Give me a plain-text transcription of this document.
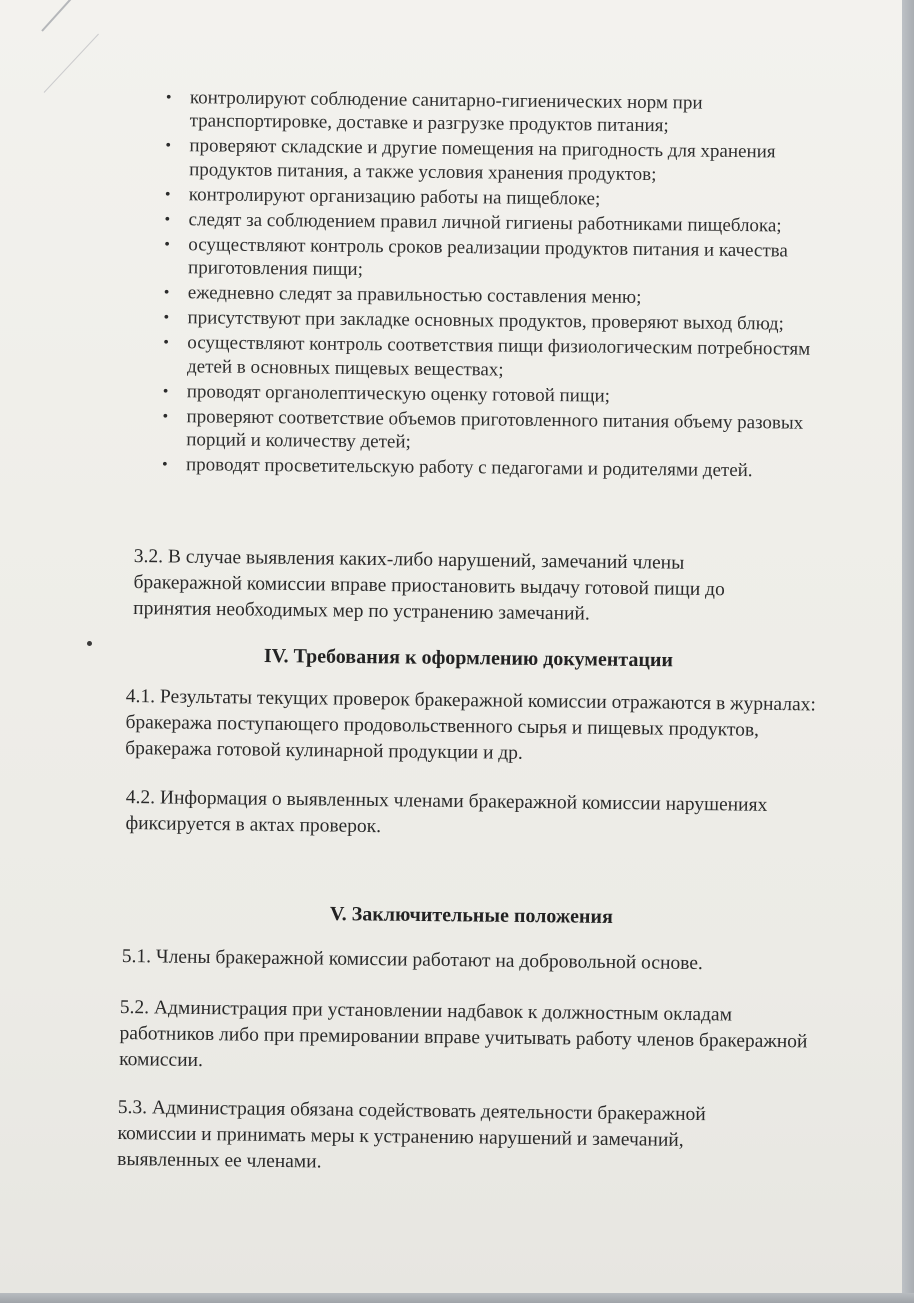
• контролируют соблюдение санитарно-гигиенических норм при транспортировке, доставке и разгрузке продуктов питания;
• проверяют складские и другие помещения на пригодность для хранения продуктов питания, а также условия хранения продуктов;
• контролируют организацию работы на пищеблоке;
• следят за соблюдением правил личной гигиены работниками пищеблока;
• осуществляют контроль сроков реализации продуктов питания и качества приготовления пищи;
• ежедневно следят за правильностью составления меню;
• присутствуют при закладке основных продуктов, проверяют выход блюд;
• осуществляют контроль соответствия пищи физиологическим потребностям детей в основных пищевых веществах;
• проводят органолептическую оценку готовой пищи;
• проверяют соответствие объемов приготовленного питания объему разовых порций и количеству детей;
• проводят просветительскую работу с педагогами и родителями детей.
3.2. В случае выявления каких-либо нарушений, замечаний члены бракеражной комиссии вправе приостановить выдачу готовой пищи до принятия необходимых мер по устранению замечаний.
IV. Требования к оформлению документации
4.1. Результаты текущих проверок бракеражной комиссии отражаются в журналах: бракеража поступающего продовольственного сырья и пищевых продуктов, бракеража готовой кулинарной продукции и др.
4.2. Информация о выявленных членами бракеражной комиссии нарушениях фиксируется в актах проверок.
V. Заключительные положения
5.1. Члены бракеражной комиссии работают на добровольной основе.
5.2. Администрация при установлении надбавок к должностным окладам работников либо при премировании вправе учитывать работу членов бракеражной комиссии.
5.3. Администрация обязана содействовать деятельности бракеражной комиссии и принимать меры к устранению нарушений и замечаний, выявленных ее членами.
